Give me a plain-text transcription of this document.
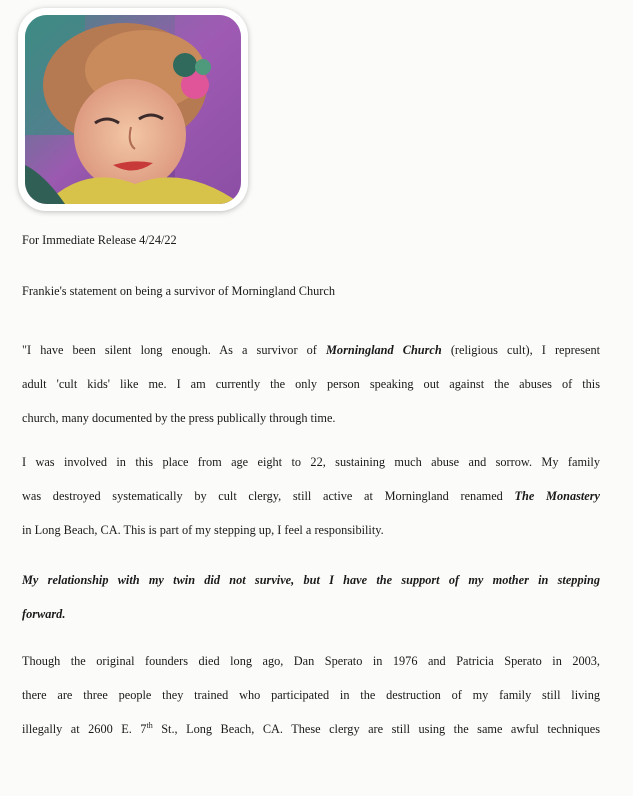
For Immediate Release 4/24/22

Frankie's statement on being a survivor of Morningland Church

"I have been silent long enough. As a survivor of Morningland Church (religious cult), I represent

adult 'cult kids' like me. I am currently the only person speaking out against the abuses of this

church, many documented by the press publically through time.

I was involved in this place from age eight to 22, sustaining much abuse and sorrow. My family

was destroyed systematically by cult clergy, still active at Morningland renamed The Monastery

in Long Beach, CA. This is part of my stepping up, I feel a responsibility.

My relationship with my twin did not survive, but I have the support of my mother in stepping

forward.

Though the original founders died long ago, Dan Sperato in 1976 and Patricia Sperato in 2003,

there are three people they trained who participated in the destruction of my family still living

illegally at 2600 E. 7th St., Long Beach, CA. These clergy are still using the same awful techniques
